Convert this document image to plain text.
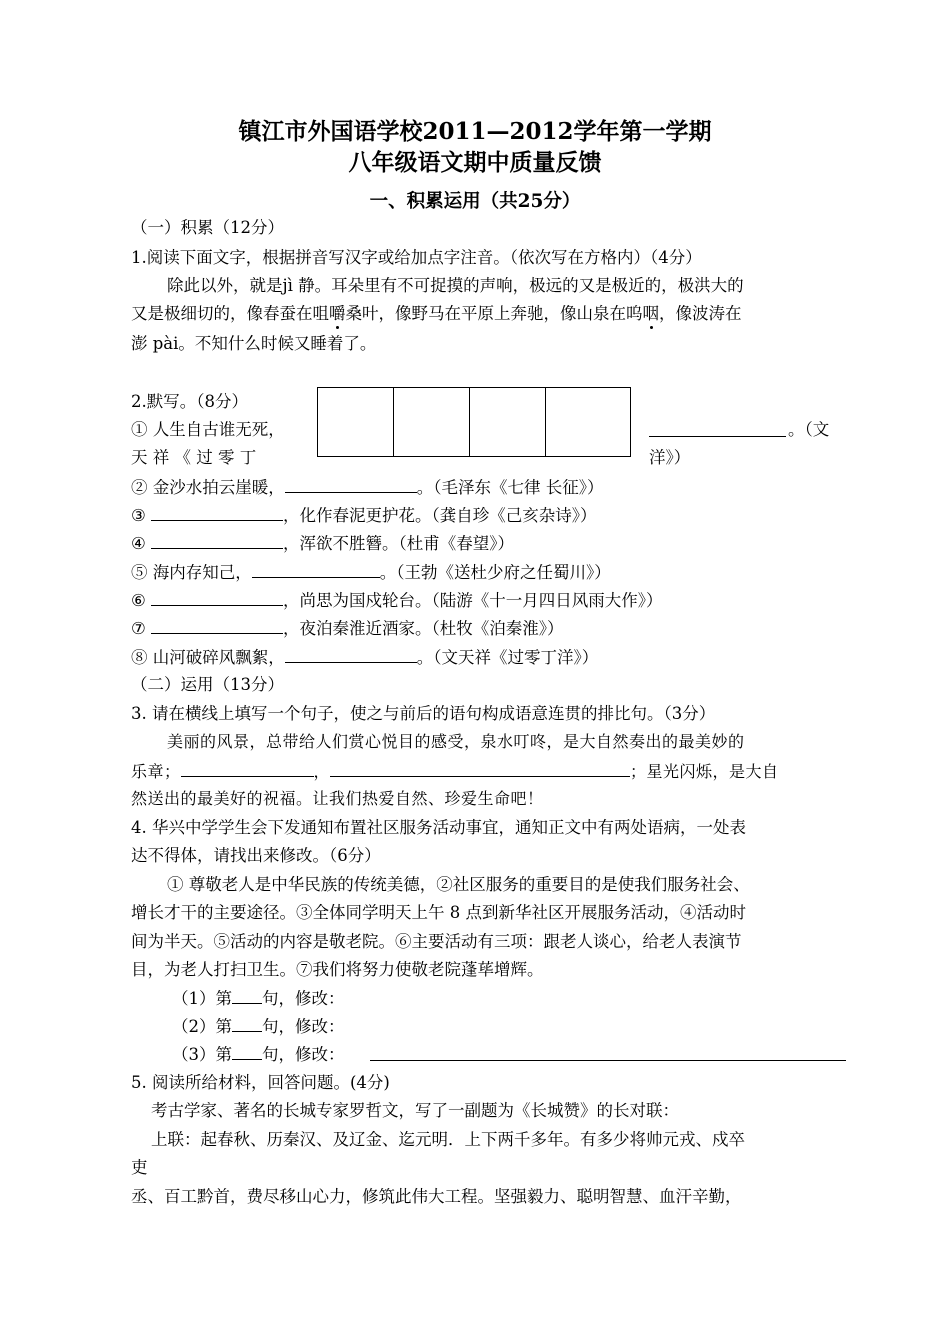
镇江市外国语学校2011—2012学年第一学期
八年级语文期中质量反馈
一、积累运用（共25分）
（一）积累（12分）
1.阅读下面文字，根据拼音写汉字或给加点字注音。（依次写在方格内）（4分）
除此以外，就是jì 静。耳朵里有不可捉摸的声响，极远的又是极近的，极洪大的
又是极细切的，像春蚕在咀嚼桑叶，像野马在平原上奔驰，像山泉在呜咽，像波涛在
澎 pài。不知什么时候又睡着了。
2.默写。（8分）
① 人生自古谁无死，	。（文
天 祥 《 过 零 丁	洋》）
② 金沙水拍云崖暖，	。（毛泽东《七律 长征》）
③	，化作春泥更护花。（龚自珍《己亥杂诗》）
④	，浑欲不胜簪。（杜甫《春望》）
⑤ 海内存知己，	。（王勃《送杜少府之任蜀川》）
⑥	，尚思为国戍轮台。（陆游《十一月四日风雨大作》）
⑦	，夜泊秦淮近酒家。（杜牧《泊秦淮》）
⑧ 山河破碎风飘絮，	。（文天祥《过零丁洋》）
（二）运用（13分）
3. 请在横线上填写一个句子，使之与前后的语句构成语意连贯的排比句。（3分）
美丽的风景，总带给人们赏心悦目的感受，泉水叮咚，是大自然奏出的最美妙的
乐章；	，	；星光闪烁，是大自
然送出的最美好的祝福。让我们热爱自然、珍爱生命吧！
4. 华兴中学学生会下发通知布置社区服务活动事宜，通知正文中有两处语病，一处表
达不得体，请找出来修改。（6分）
① 尊敬老人是中华民族的传统美德，②社区服务的重要目的是使我们服务社会、
增长才干的主要途径。③全体同学明天上午 8 点到新华社区开展服务活动，④活动时
间为半天。⑤活动的内容是敬老院。⑥主要活动有三项：跟老人谈心，给老人表演节
目，为老人打扫卫生。⑦我们将努力使敬老院蓬荜增辉。
（1）第 句，修改：
（2）第 句，修改：
（3）第 句，修改：
5. 阅读所给材料，回答问题。(4分)
考古学家、著名的长城专家罗哲文，写了一副题为《长城赞》的长对联：
上联：起春秋、历秦汉、及辽金、迄元明．上下两千多年。有多少将帅元戎、戍卒
吏
丞、百工黔首，费尽移山心力，修筑此伟大工程。坚强毅力、聪明智慧、血汗辛勤，
